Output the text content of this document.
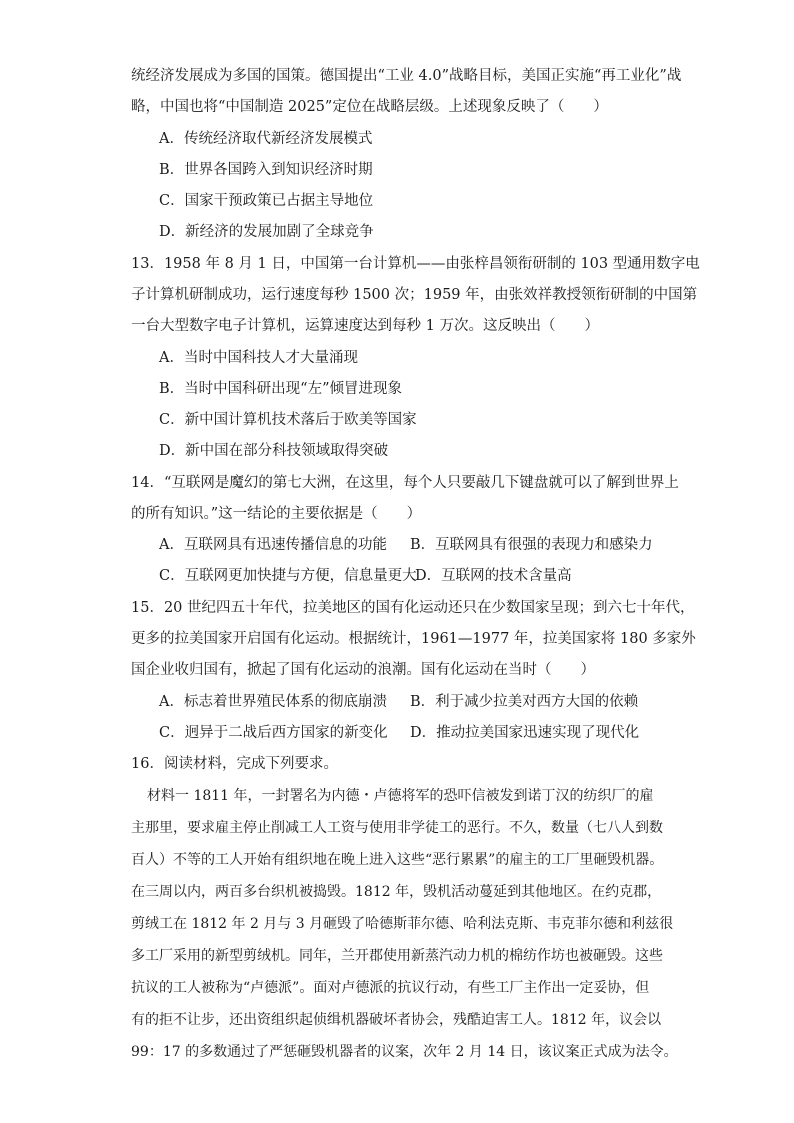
统经济发展成为多国的国策。德国提出“工业 4.0”战略目标，美国正实施“再工业化”战
略，中国也将“中国制造 2025”定位在战略层级。上述现象反映了（　　）
A．传统经济取代新经济发展模式
B．世界各国跨入到知识经济时期
C．国家干预政策已占据主导地位
D．新经济的发展加剧了全球竞争
13．1958 年 8 月 1 日，中国第一台计算机——由张梓昌领衔研制的 103 型通用数字电
子计算机研制成功，运行速度每秒 1500 次；1959 年，由张效祥教授领衔研制的中国第
一台大型数字电子计算机，运算速度达到每秒 1 万次。这反映出（　　）
A．当时中国科技人才大量涌现
B．当时中国科研出现“左”倾冒进现象
C．新中国计算机技术落后于欧美等国家
D．新中国在部分科技领域取得突破
14．“互联网是魔幻的第七大洲，在这里，每个人只要敲几下键盘就可以了解到世界上
的所有知识。”这一结论的主要依据是（　　）
A．互联网具有迅速传播信息的功能 B．互联网具有很强的表现力和感染力
C．互联网更加快捷与方便，信息量更大
D．互联网的技术含量高
15．20 世纪四五十年代，拉美地区的国有化运动还只在少数国家呈现；到六七十年代，
更多的拉美国家开启国有化运动。根据统计，1961—1977 年，拉美国家将 180 多家外
国企业收归国有，掀起了国有化运动的浪潮。国有化运动在当时（　　）
A．标志着世界殖民体系的彻底崩溃 B．利于减少拉美对西方大国的依赖
C．迥异于二战后西方国家的新变化 D．推动拉美国家迅速实现了现代化
16．阅读材料，完成下列要求。
材料一 1811 年，一封署名为内德・卢德将军的恐吓信被发到诺丁汉的纺织厂的雇
主那里，要求雇主停止削减工人工资与使用非学徒工的恶行。不久，数量（七八人到数
百人）不等的工人开始有组织地在晚上进入这些“恶行累累”的雇主的工厂里砸毁机器。
在三周以内，两百多台织机被捣毁。1812 年，毁机活动蔓延到其他地区。在约克郡，
剪绒工在 1812 年 2 月与 3 月砸毁了哈德斯菲尔德、哈利法克斯、韦克菲尔德和利兹很
多工厂采用的新型剪绒机。同年，兰开郡使用新蒸汽动力机的棉纺作坊也被砸毁。这些
抗议的工人被称为“卢德派”。面对卢德派的抗议行动，有些工厂主作出一定妥协，但
有的拒不让步，还出资组织起侦缉机器破坏者协会，残酷迫害工人。1812 年，议会以
99：17 的多数通过了严惩砸毁机器者的议案，次年 2 月 14 日，该议案正式成为法令。
